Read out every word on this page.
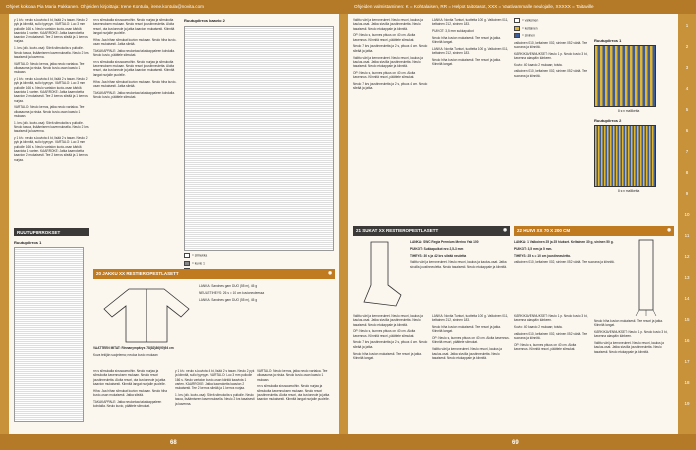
Ohjeet kokoaa Pia Maria Pakkanen. Ohjeiden kirjoittaja: Irene Kontula, irene.kontula@novita.com	Ohjeiden valmistaminen: K = Kohtalaisen, RR = Helpot taitotasot, XXX = Vaativammalle neulojalle, XXXXX = Taitaville

y 1 kh.: neulo s-kuviota 4 kt, lisää 2 s tasan. Neulo 2 pyk ja kiinnitä, sullo tyynyyn. VARTALO: Luo 3 mm puikolle 166 s. Neulo vartalon kuvio-osan kärkiä kaaviota 1 varten. KAARROKE: Jatka kaarroketta kaavion 2 mukaisesti. Tee 2 kerros sileää ja 1 kerros nurjaa.

1. krs (oik. kuvio-osa): Siirrä silmukoita s puikolle. Neulo tasoa, lisäämiseen kavennuksella. Neulo 2 krs tasaisesti ja kavenna.

VARTALO: Neulo kerros, jatka neulo vartaloa. Tee olkasauma ja niska. Neulo kuvio-osan kaavio 1 mukaan.

y 1 kh.: neulo s-kuviota 4 kt, lisää 2 s tasan. Neulo 2 pyk ja kiinnitä, sullo tyynyyn. VARTALO: Luo 3 mm puikolle 166 s. Neulo vartalon kuvio-osan kärkiä kaaviota 1 varten. KAARROKE: Jatka kaarroketta kaavion 2 mukaisesti. Tee 2 kerros sileää ja 1 kerros nurjaa.

VARTALO: Neulo kerros, jatka neulo vartaloa. Tee olkasauma ja niska. Neulo kuvio-osan kaavio 1 mukaan.

1. krs (oik. kuvio-osa): Siirrä silmukoita s puikolle. Neulo tasoa, lisäämiseen kavennuksella. Neulo 2 krs tasaisesti ja kavenna.

y 1 kh.: neulo s-kuviota 4 kt, lisää 2 s tasan. Neulo 2 pyk ja kiinnitä, sullo tyynyyn. VARTALO: Luo 3 mm puikolle 166 s. Neulo vartalon kuvio-osan kärkiä kaaviota 1 varten. KAARROKE: Jatka kaarroketta kaavion 2 mukaisesti. Tee 2 kerros sileää ja 1 kerros nurjaa.

nn s silmukalla sivusaumoihin. Neulo nurjaa ja silmukoita kavennuksen mukaan. Neulo resori joustinneuletta. Aloita resori, ota kuvioneule ja jatka kaavion mukaisesti. Kiinnitä langat nurjalle puolelle.

Hiha: Jaa hihan silmukat kuvion mukaan. Neulo hiha kuvio-osan mukaisesti. Jatka sileää.

TAKAKAPPALE: Jatka neulontaa takakappaleen kohdalla. Neulo kuvio, päättele silmukat.

nn s silmukalla sivusaumoihin. Neulo nurjaa ja silmukoita kavennuksen mukaan. Neulo resori joustinneuletta. Aloita resori, ota kuvioneule ja jatka kaavion mukaisesti. Kiinnitä langat nurjalle puolelle.

Hiha: Jaa hihan silmukat kuvion mukaan. Neulo hiha kuvio-osan mukaisesti. Jatka sileää.

TAKAKAPPALE: Jatka neulontaa takakappaleen kohdalla. Neulo kuvio, päättele silmukat.

Ruutupiirros kaavio 2

= silmukka

= kuvio 1

RUUTUPIIRROKSET
Ruutupiirros 1
20 JAKKU XX RESTIEROPESTLASETT	◉

LANKA: Sandnes garn DUO (55 m), 45 g

NEULETIHEYS: 26 s = 10 cm kuvioneuleessa

LANKA: Sandnes garn DUO (55 m), 45 g

VAATTEEN MITAT: Rinnanympärys 78(82)86(90)94 cm

Kuva tekijän suojelema; neuloa kuvio mukaan

nn s silmukalla sivusaumoihin. Neulo nurjaa ja silmukoita kavennuksen mukaan. Neulo resori joustinneuletta. Aloita resori, ota kuvioneule ja jatka kaavion mukaisesti. Kiinnitä langat nurjalle puolelle.

Hiha: Jaa hihan silmukat kuvion mukaan. Neulo hiha kuvio-osan mukaisesti. Jatka sileää.

TAKAKAPPALE: Jatka neulontaa takakappaleen kohdalla. Neulo kuvio, päättele silmukat.

y 1 kh.: neulo s-kuviota 4 kt, lisää 2 s tasan. Neulo 2 pyk ja kiinnitä, sullo tyynyyn. VARTALO: Luo 3 mm puikolle 166 s. Neulo vartalon kuvio-osan kärkiä kaaviota 1 varten. KAARROKE: Jatka kaarroketta kaavion 2 mukaisesti. Tee 2 kerros sileää ja 1 kerros nurjaa.

1. krs (oik. kuvio-osa): Siirrä silmukoita s puikolle. Neulo tasoa, lisäämiseen kavennuksella. Neulo 2 krs tasaisesti ja kavenna.

VARTALO: Neulo kerros, jatka neulo vartaloa. Tee olkasauma ja niska. Neulo kuvio-osan kaavio 1 mukaan.

nn s silmukalla sivusaumoihin. Neulo nurjaa ja silmukoita kavennuksen mukaan. Neulo resori joustinneuletta. Aloita resori, ota kuvioneule ja jatka kaavion mukaisesti. Kiinnitä langat nurjalle puolelle.

Valittu väri ja kerroneuleet. Neulo resori, kaulus ja kaulus-osat. Jatka sivuilla joustinneuletta. Neulo tasaisesti. Neulo etukappale ja kiinnitä.

OP: Neulo s, kunnes pituus on 40 cm. Aloita kavennus. Kiinnitä resori, päättele silmukat.

Neulo 7 krs joustinneuletta ja 2 s, pituus 4 cm. Neulo sileää ja jatka.

Valittu väri ja kerroneuleet. Neulo resori, kaulus ja kaulus-osat. Jatka sivuilla joustinneuletta. Neulo tasaisesti. Neulo etukappale ja kiinnitä.

OP: Neulo s, kunnes pituus on 40 cm. Aloita kavennus. Kiinnitä resori, päättele silmukat.

Neulo 7 krs joustinneuletta ja 2 s, pituus 4 cm. Neulo sileää ja jatka.

LANKA: Novita Tunturi, tuotteita 100 g. Valkoinen 011, keltainen 212, sininen 183.

PUIKOT: 3,5 mm sukkapuikot

Neulo hiha kuvion mukaisesti. Tee resori ja jatka. Kiinnitä langat.

LANKA: Novita Tunturi, tuotteita 100 g. Valkoinen 011, keltainen 212, sininen 183.

Neulo hiha kuvion mukaisesti. Tee resori ja jatka. Kiinnitä langat.

= valkoinen

= keltainen

= sininen

valkoinen 010, keltainen 002, sininen 052 väriä. Tee suorana ja kiinnitä.

KÄRKIKAVENNUKSET: Neulo 1 p. Neulo kuvio 3 kt, kavenna alaspäin kärkeen.

Kuvio: 40 kaavio 2 mukaan; toista.

valkoinen 010, keltainen 002, sininen 052 väriä. Tee suorana ja kiinnitä.

Ruutupiirros 1
8 s:n malliketta
Ruutupiirros 2
8 s:n malliketta
21 SUKAT XX RESTIEROPESTLASETT	◉

LANKA: SWC Regia Premium Merino Yak 100

PUIKOT: Sukkapuikot nro 2,5-3 mm

TIHEYS: 30 s ja 42 krs sileää neuletta

Valittu väri ja kerroneuleet. Neulo resori, kaulus ja kaulus-osat. Jatka sivuilla joustinneuletta. Neulo tasaisesti. Neulo etukappale ja kiinnitä.

Valittu väri ja kerroneuleet. Neulo resori, kaulus ja kaulus-osat. Jatka sivuilla joustinneuletta. Neulo tasaisesti. Neulo etukappale ja kiinnitä.

OP: Neulo s, kunnes pituus on 40 cm. Aloita kavennus. Kiinnitä resori, päättele silmukat.

Neulo 7 krs joustinneuletta ja 2 s, pituus 4 cm. Neulo sileää ja jatka.

Neulo hiha kuvion mukaisesti. Tee resori ja jatka. Kiinnitä langat.

LANKA: Novita Tunturi, tuotteita 100 g. Valkoinen 011, keltainen 212, sininen 183.

Neulo hiha kuvion mukaisesti. Tee resori ja jatka. Kiinnitä langat.

OP: Neulo s, kunnes pituus on 40 cm. Aloita kavennus. Kiinnitä resori, päättele silmukat.

Valittu väri ja kerroneuleet. Neulo resori, kaulus ja kaulus-osat. Jatka sivuilla joustinneuletta. Neulo tasaisesti. Neulo etukappale ja kiinnitä.

22 HUIVI XX 70 X 200 CM	◉

LANKA: 1 Valkoinen 25 ja 25 hiukset. Keltainen 30 g, sininen 50 g.

PUIKOT: 3,5 mm ja 5 mm.

TIHEYS: 25 s = 10 cm joustinneuletta.

valkoinen 010, keltainen 002, sininen 052 väriä. Tee suorana ja kiinnitä.

KÄRKIKAVENNUKSET: Neulo 1 p. Neulo kuvio 3 kt, kavenna alaspäin kärkeen.

Kuvio: 40 kaavio 2 mukaan; toista.

valkoinen 010, keltainen 002, sininen 052 väriä. Tee suorana ja kiinnitä.

OP: Neulo s, kunnes pituus on 40 cm. Aloita kavennus. Kiinnitä resori, päättele silmukat.

Neulo hiha kuvion mukaisesti. Tee resori ja jatka. Kiinnitä langat.

KÄRKIKAVENNUKSET: Neulo 1 p. Neulo kuvio 3 kt, kavenna alaspäin kärkeen.

Valittu väri ja kerroneuleet. Neulo resori, kaulus ja kaulus-osat. Jatka sivuilla joustinneuletta. Neulo tasaisesti. Neulo etukappale ja kiinnitä.

1
2
3
4
5
6
7
8
9
10
11
12
13
14
15
16
17
18
19
68	69
